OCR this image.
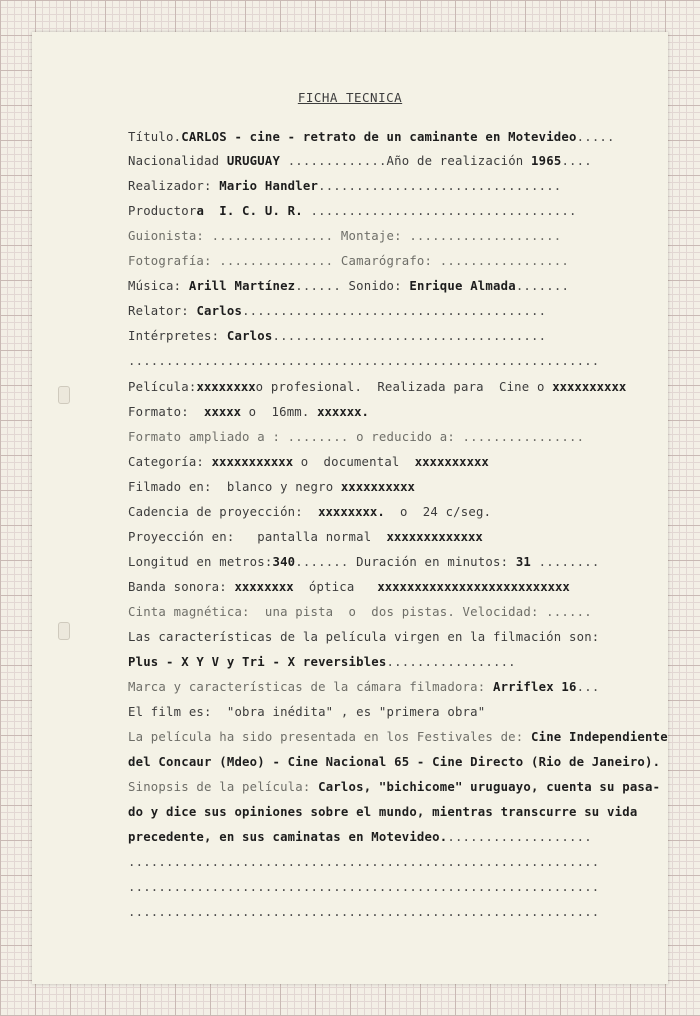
FICHA TECNICA
Título.CARLOS - cine - retrato de un caminante en Motevideo.....
Nacionalidad URUGUAY .............Año de realización 1965....
Realizador: Mario Handler................................
Productora  I. C. U. R. ...................................
Guionista: ................ Montaje: ....................
Fotografía: ............... Camarógrafo: .................
Música: Arill Martínez...... Sonido: Enrique Almada.......
Relator: Carlos........................................
Intérpretes: Carlos....................................
..............................................................
Película:xxxxxxxxo profesional.  Realizada para  Cine o xxxxxxxxxx
Formato: xxxxx o  16mm. xxxxxx.
Formato ampliado a : ........ o reducido a: ................
Categoría: xxxxxxxxxxx o  documental  xxxxxxxxxx
Filmado en:  blanco y negro xxxxxxxxxx
Cadencia de proyección: xxxxxxxx.  o  24 c/seg.
Proyección en:   pantalla normal  xxxxxxxxxxxxx
Longitud en metros:340....... Duración en minutos: 31 ........
Banda sonora: xxxxxxxx  óptica   xxxxxxxxxxxxxxxxxxxxxxxxxx
Cinta magnética:  una pista  o  dos pistas. Velocidad: ......
Las características de la película virgen en la filmación son:
Plus - X Y V y Tri - X reversibles.................
Marca y características de la cámara filmadora: Arriflex 16...
El film es:  "obra inédita" , es "primera obra"
La película ha sido presentada en los Festivales de: Cine Independiente
del Concaur (Mdeo) - Cine Nacional 65 - Cine Directo (Rio de Janeiro).
Sinopsis de la película: Carlos, "bichicome" uruguayo, cuenta su pasa-
do y dice sus opiniones sobre el mundo, mientras transcurre su vida
precedente, en sus caminatas en Motevideo....................
..............................................................
..............................................................
..............................................................
